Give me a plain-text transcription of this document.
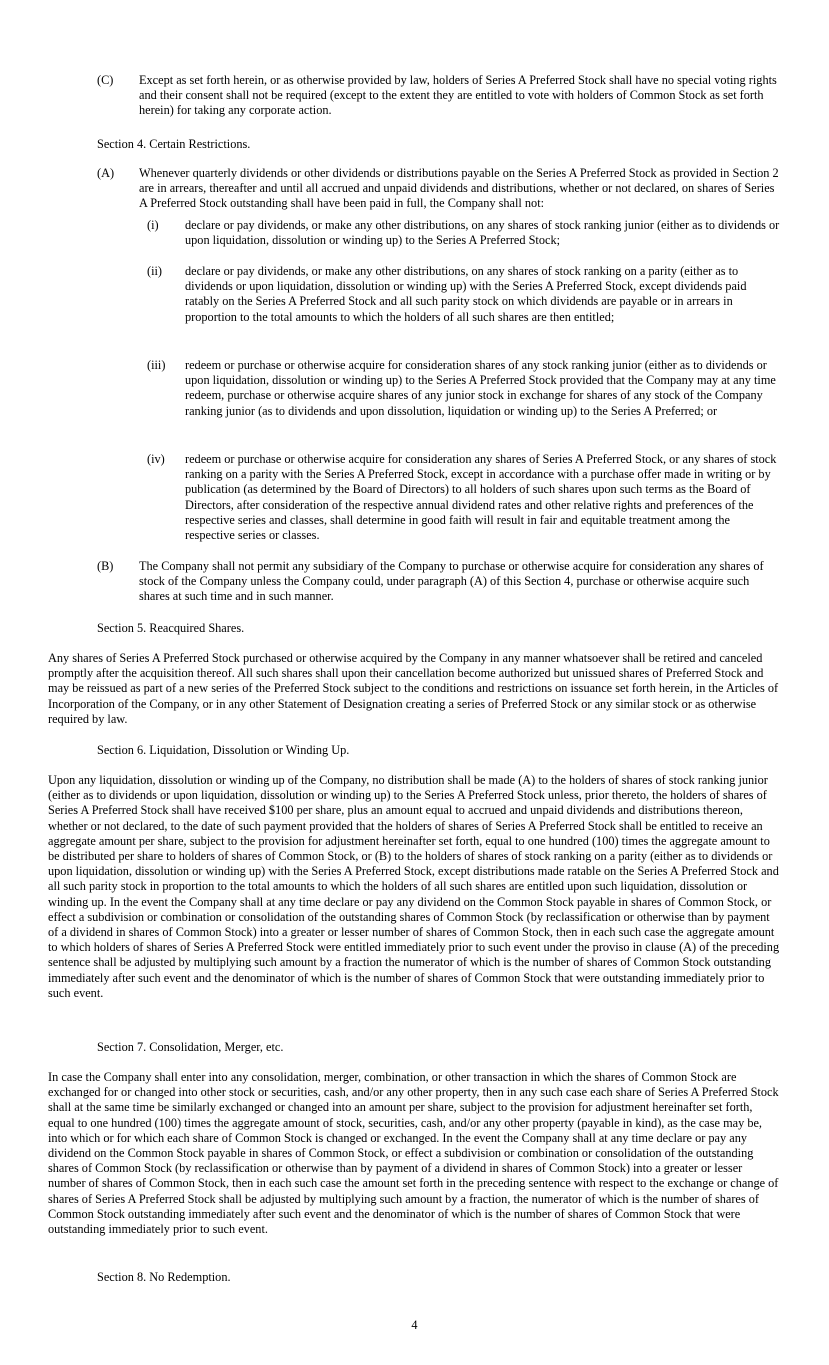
(C) Except as set forth herein, or as otherwise provided by law, holders of Series A Preferred Stock shall have no special voting rights and their consent shall not be required (except to the extent they are entitled to vote with holders of Common Stock as set forth herein) for taking any corporate action.
Section 4. Certain Restrictions.
(A) Whenever quarterly dividends or other dividends or distributions payable on the Series A Preferred Stock as provided in Section 2 are in arrears, thereafter and until all accrued and unpaid dividends and distributions, whether or not declared, on shares of Series A Preferred Stock outstanding shall have been paid in full, the Company shall not:
(i) declare or pay dividends, or make any other distributions, on any shares of stock ranking junior (either as to dividends or upon liquidation, dissolution or winding up) to the Series A Preferred Stock;
(ii) declare or pay dividends, or make any other distributions, on any shares of stock ranking on a parity (either as to dividends or upon liquidation, dissolution or winding up) with the Series A Preferred Stock, except dividends paid ratably on the Series A Preferred Stock and all such parity stock on which dividends are payable or in arrears in proportion to the total amounts to which the holders of all such shares are then entitled;
(iii) redeem or purchase or otherwise acquire for consideration shares of any stock ranking junior (either as to dividends or upon liquidation, dissolution or winding up) to the Series A Preferred Stock provided that the Company may at any time redeem, purchase or otherwise acquire shares of any junior stock in exchange for shares of any stock of the Company ranking junior (as to dividends and upon dissolution, liquidation or winding up) to the Series A Preferred; or
(iv) redeem or purchase or otherwise acquire for consideration any shares of Series A Preferred Stock, or any shares of stock ranking on a parity with the Series A Preferred Stock, except in accordance with a purchase offer made in writing or by publication (as determined by the Board of Directors) to all holders of such shares upon such terms as the Board of Directors, after consideration of the respective annual dividend rates and other relative rights and preferences of the respective series and classes, shall determine in good faith will result in fair and equitable treatment among the respective series or classes.
(B) The Company shall not permit any subsidiary of the Company to purchase or otherwise acquire for consideration any shares of stock of the Company unless the Company could, under paragraph (A) of this Section 4, purchase or otherwise acquire such shares at such time and in such manner.
Section 5. Reacquired Shares.
Any shares of Series A Preferred Stock purchased or otherwise acquired by the Company in any manner whatsoever shall be retired and canceled promptly after the acquisition thereof. All such shares shall upon their cancellation become authorized but unissued shares of Preferred Stock and may be reissued as part of a new series of the Preferred Stock subject to the conditions and restrictions on issuance set forth herein, in the Articles of Incorporation of the Company, or in any other Statement of Designation creating a series of Preferred Stock or any similar stock or as otherwise required by law.
Section 6. Liquidation, Dissolution or Winding Up.
Upon any liquidation, dissolution or winding up of the Company, no distribution shall be made (A) to the holders of shares of stock ranking junior (either as to dividends or upon liquidation, dissolution or winding up) to the Series A Preferred Stock unless, prior thereto, the holders of shares of Series A Preferred Stock shall have received $100 per share, plus an amount equal to accrued and unpaid dividends and distributions thereon, whether or not declared, to the date of such payment provided that the holders of shares of Series A Preferred Stock shall be entitled to receive an aggregate amount per share, subject to the provision for adjustment hereinafter set forth, equal to one hundred (100) times the aggregate amount to be distributed per share to holders of shares of Common Stock, or (B) to the holders of shares of stock ranking on a parity (either as to dividends or upon liquidation, dissolution or winding up) with the Series A Preferred Stock, except distributions made ratable on the Series A Preferred Stock and all such parity stock in proportion to the total amounts to which the holders of all such shares are entitled upon such liquidation, dissolution or winding up. In the event the Company shall at any time declare or pay any dividend on the Common Stock payable in shares of Common Stock, or effect a subdivision or combination or consolidation of the outstanding shares of Common Stock (by reclassification or otherwise than by payment of a dividend in shares of Common Stock) into a greater or lesser number of shares of Common Stock, then in each such case the aggregate amount to which holders of shares of Series A Preferred Stock were entitled immediately prior to such event under the proviso in clause (A) of the preceding sentence shall be adjusted by multiplying such amount by a fraction the numerator of which is the number of shares of Common Stock outstanding immediately after such event and the denominator of which is the number of shares of Common Stock that were outstanding immediately prior to such event.
Section 7. Consolidation, Merger, etc.
In case the Company shall enter into any consolidation, merger, combination, or other transaction in which the shares of Common Stock are exchanged for or changed into other stock or securities, cash, and/or any other property, then in any such case each share of Series A Preferred Stock shall at the same time be similarly exchanged or changed into an amount per share, subject to the provision for adjustment hereinafter set forth, equal to one hundred (100) times the aggregate amount of stock, securities, cash, and/or any other property (payable in kind), as the case may be, into which or for which each share of Common Stock is changed or exchanged. In the event the Company shall at any time declare or pay any dividend on the Common Stock payable in shares of Common Stock, or effect a subdivision or combination or consolidation of the outstanding shares of Common Stock (by reclassification or otherwise than by payment of a dividend in shares of Common Stock) into a greater or lesser number of shares of Common Stock, then in each such case the amount set forth in the preceding sentence with respect to the exchange or change of shares of Series A Preferred Stock shall be adjusted by multiplying such amount by a fraction, the numerator of which is the number of shares of Common Stock outstanding immediately after such event and the denominator of which is the number of shares of Common Stock that were outstanding immediately prior to such event.
Section 8. No Redemption.
4
